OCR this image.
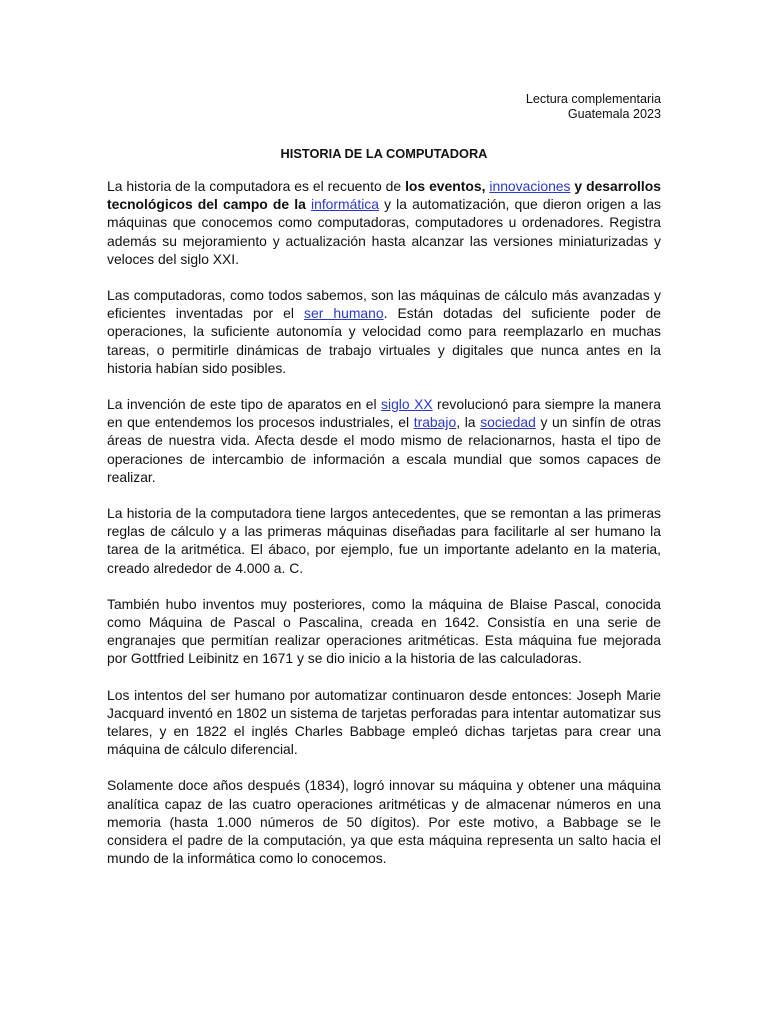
Lectura complementaria
Guatemala 2023
HISTORIA DE LA COMPUTADORA

La historia de la computadora es el recuento de los eventos, innovaciones y desarrollos tecnológicos del campo de la informática y la automatización, que dieron origen a las máquinas que conocemos como computadoras, computadores u ordenadores. Registra además su mejoramiento y actualización hasta alcanzar las versiones miniaturizadas y veloces del siglo XXI.

Las computadoras, como todos sabemos, son las máquinas de cálculo más avanzadas y eficientes inventadas por el ser humano. Están dotadas del suficiente poder de operaciones, la suficiente autonomía y velocidad como para reemplazarlo en muchas tareas, o permitirle dinámicas de trabajo virtuales y digitales que nunca antes en la historia habían sido posibles.

La invención de este tipo de aparatos en el siglo XX revolucionó para siempre la manera en que entendemos los procesos industriales, el trabajo, la sociedad y un sinfín de otras áreas de nuestra vida. Afecta desde el modo mismo de relacionarnos, hasta el tipo de operaciones de intercambio de información a escala mundial que somos capaces de realizar.

La historia de la computadora tiene largos antecedentes, que se remontan a las primeras reglas de cálculo y a las primeras máquinas diseñadas para facilitarle al ser humano la tarea de la aritmética. El ábaco, por ejemplo, fue un importante adelanto en la materia, creado alrededor de 4.000 a. C.

También hubo inventos muy posteriores, como la máquina de Blaise Pascal, conocida como Máquina de Pascal o Pascalina, creada en 1642. Consistía en una serie de engranajes que permitían realizar operaciones aritméticas. Esta máquina fue mejorada por Gottfried Leibinitz en 1671 y se dio inicio a la historia de las calculadoras.

Los intentos del ser humano por automatizar continuaron desde entonces: Joseph Marie Jacquard inventó en 1802 un sistema de tarjetas perforadas para intentar automatizar sus telares, y en 1822 el inglés Charles Babbage empleó dichas tarjetas para crear una máquina de cálculo diferencial.

Solamente doce años después (1834), logró innovar su máquina y obtener una máquina analítica capaz de las cuatro operaciones aritméticas y de almacenar números en una memoria (hasta 1.000 números de 50 dígitos). Por este motivo, a Babbage se le considera el padre de la computación, ya que esta máquina representa un salto hacia el mundo de la informática como lo conocemos.
